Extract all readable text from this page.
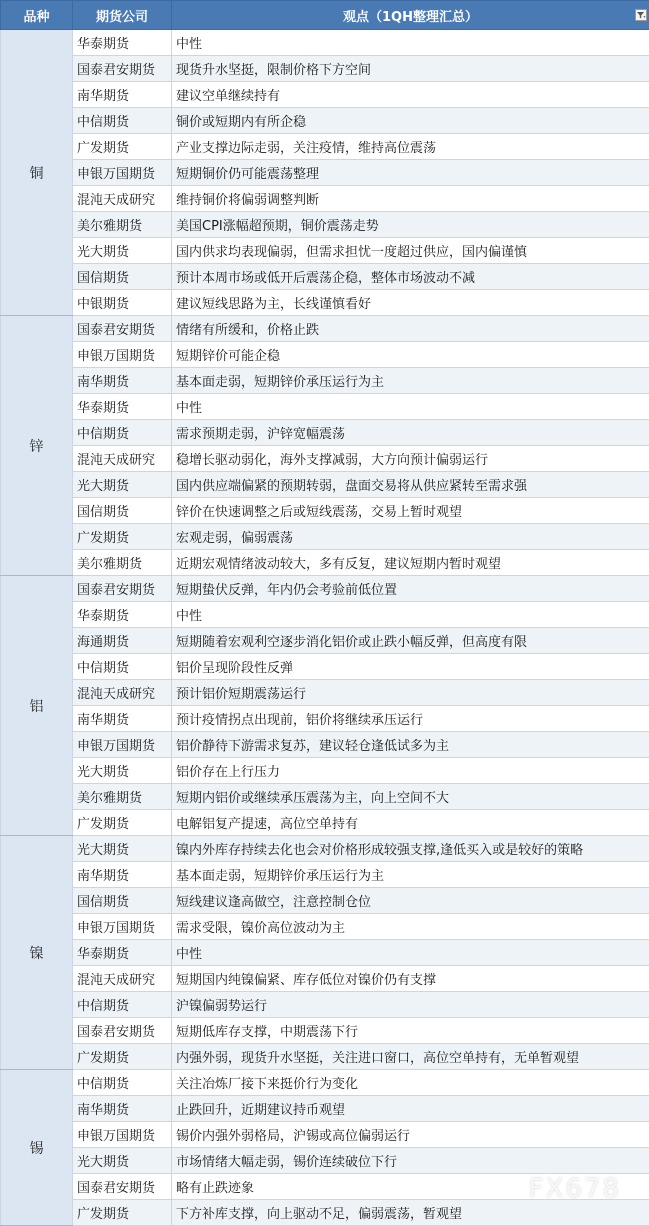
品种	期货公司	观点（1QH整理汇总）

铜	华泰期货	中性
	国泰君安期货	现货升水坚挺，限制价格下方空间
	南华期货	建议空单继续持有
	中信期货	铜价或短期内有所企稳
	广发期货	产业支撑边际走弱，关注疫情，维持高位震荡
	申银万国期货	短期铜价仍可能震荡整理
	混沌天成研究	维持铜价将偏弱调整判断
	美尔雅期货	美国CPI涨幅超预期，铜价震荡走势
	光大期货	国内供求均表现偏弱，但需求担忧一度超过供应，国内偏谨慎
	国信期货	预计本周市场或低开后震荡企稳，整体市场波动不减
	中银期货	建议短线思路为主，长线谨慎看好
锌	国泰君安期货	情绪有所缓和，价格止跌
	申银万国期货	短期锌价可能企稳
	南华期货	基本面走弱，短期锌价承压运行为主
	华泰期货	中性
	中信期货	需求预期走弱，沪锌宽幅震荡
	混沌天成研究	稳增长驱动弱化，海外支撑减弱，大方向预计偏弱运行
	光大期货	国内供应端偏紧的预期转弱，盘面交易将从供应紧转至需求强
	国信期货	锌价在快速调整之后或短线震荡，交易上暂时观望
	广发期货	宏观走弱，偏弱震荡
	美尔雅期货	近期宏观情绪波动较大，多有反复，建议短期内暂时观望
铝	国泰君安期货	短期蛰伏反弹，年内仍会考验前低位置
	华泰期货	中性
	海通期货	短期随着宏观利空逐步消化铝价或止跌小幅反弹，但高度有限
	中信期货	铝价呈现阶段性反弹
	混沌天成研究	预计铝价短期震荡运行
	南华期货	预计疫情拐点出现前，铝价将继续承压运行
	申银万国期货	铝价静待下游需求复苏，建议轻仓逢低试多为主
	光大期货	铝价存在上行压力
	美尔雅期货	短期内铝价或继续承压震荡为主，向上空间不大
	广发期货	电解铝复产提速，高位空单持有
镍	光大期货	镍内外库存持续去化也会对价格形成较强支撑,逢低买入或是较好的策略
	南华期货	基本面走弱，短期锌价承压运行为主
	国信期货	短线建议逢高做空，注意控制仓位
	申银万国期货	需求受限，镍价高位波动为主
	华泰期货	中性
	混沌天成研究	短期国内纯镍偏紧、库存低位对镍价仍有支撑
	中信期货	沪镍偏弱势运行
	国泰君安期货	短期低库存支撑，中期震荡下行
	广发期货	内强外弱，现货升水坚挺，关注进口窗口，高位空单持有，无单暂观望
锡	中信期货	关注冶炼厂接下来挺价行为变化
	南华期货	止跌回升，近期建议持币观望
	申银万国期货	锡价内强外弱格局，沪锡或高位偏弱运行
	光大期货	市场情绪大幅走弱，锡价连续破位下行
	国泰君安期货	略有止跌迹象
	广发期货	下方补库支撑，向上驱动不足，偏弱震荡，暂观望
FX678
